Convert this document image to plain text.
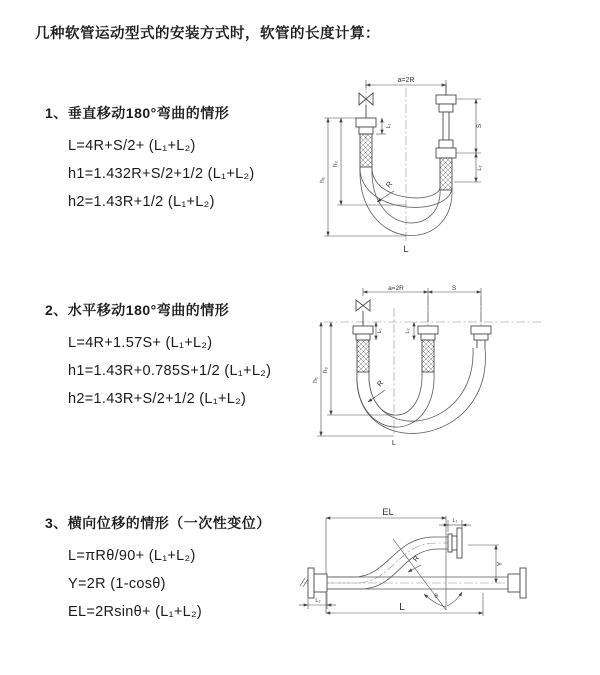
几种软管运动型式的安装方式时，软管的长度计算：
1、垂直移动180°弯曲的情形
L=4R+S/2+ (L₁+L₂)
h1=1.432R+S/2+1/2 (L₁+L₂)
h2=1.43R+1/2 (L₁+L₂)
2、水平移动180°弯曲的情形
L=4R+1.57S+ (L₁+L₂)
h1=1.43R+0.785S+1/2 (L₁+L₂)
h2=1.43R+S/2+1/2 (L₁+L₂)
3、横向位移的情形（一次性变位）
L=πRθ/90+ (L₁+L₂)
Y=2R (1-cosθ)
EL=2Rsinθ+ (L₁+L₂)
a=2R
h₁
h₂
L₁	S
L₂
R
L
a=2R	S
h₁
h₂
L₁	L₂
R
L
EL
L₁
R
θ
Y
L₂	L
